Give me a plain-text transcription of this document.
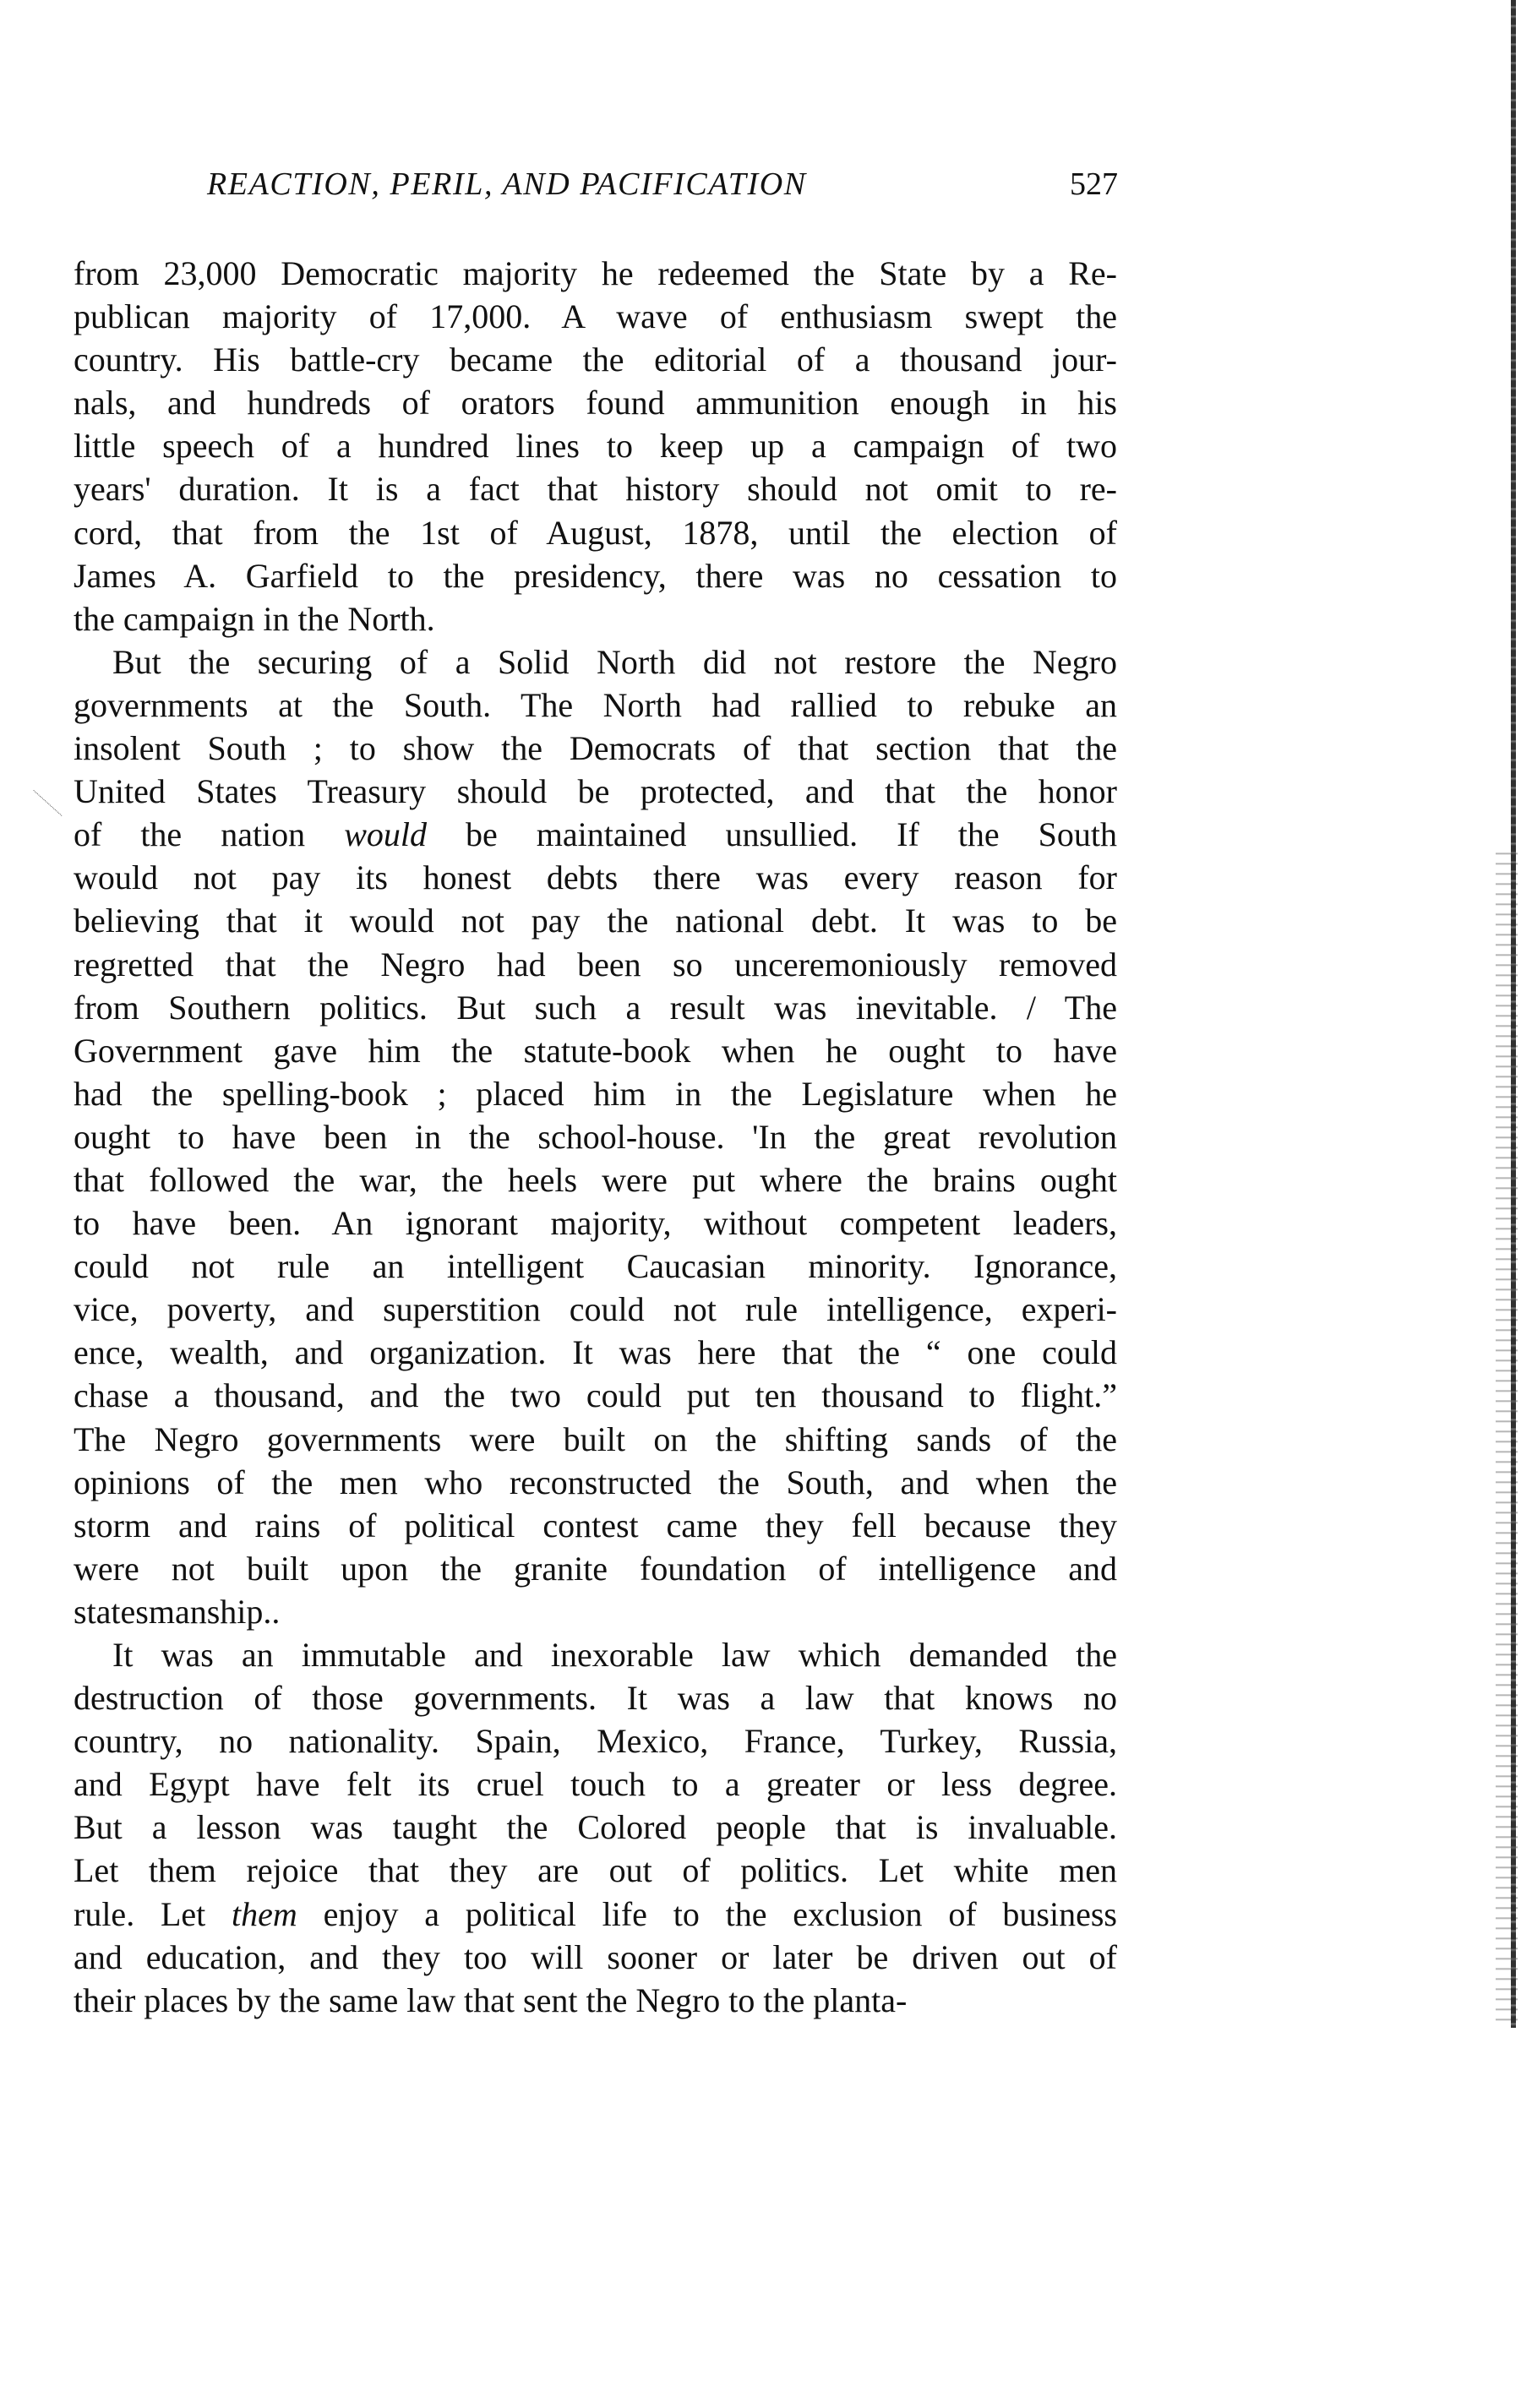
REACTION, PERIL, AND PACIFICATION	527
from 23,000 Democratic majority he redeemed the State by a Re-
publican majority of 17,000. A wave of enthusiasm swept the
country. His battle-cry became the editorial of a thousand jour-
nals, and hundreds of orators found ammunition enough in his
little speech of a hundred lines to keep up a campaign of two
years' duration. It is a fact that history should not omit to re-
cord, that from the 1st of August, 1878, until the election of
James A. Garfield to the presidency, there was no cessation to
the campaign in the North.
But the securing of a Solid North did not restore the Negro
governments at the South. The North had rallied to rebuke an
insolent South ; to show the Democrats of that section that the
United States Treasury should be protected, and that the honor
of the nation would be maintained unsullied. If the South
would not pay its honest debts there was every reason for
believing that it would not pay the national debt. It was to be
regretted that the Negro had been so unceremoniously removed
from Southern politics. But such a result was inevitable. / The
Government gave him the statute-book when he ought to have
had the spelling-book ; placed him in the Legislature when he
ought to have been in the school-house. 'In the great revolution
that followed the war, the heels were put where the brains ought
to have been. An ignorant majority, without competent leaders,
could not rule an intelligent Caucasian minority. Ignorance,
vice, poverty, and superstition could not rule intelligence, experi-
ence, wealth, and organization. It was here that the “ one could
chase a thousand, and the two could put ten thousand to flight.”
The Negro governments were built on the shifting sands of the
opinions of the men who reconstructed the South, and when the
storm and rains of political contest came they fell because they
were not built upon the granite foundation of intelligence and
statesmanship..
It was an immutable and inexorable law which demanded the
destruction of those governments. It was a law that knows no
country, no nationality. Spain, Mexico, France, Turkey, Russia,
and Egypt have felt its cruel touch to a greater or less degree.
But a lesson was taught the Colored people that is invaluable.
Let them rejoice that they are out of politics. Let white men
rule. Let them enjoy a political life to the exclusion of business
and education, and they too will sooner or later be driven out of
their places by the same law that sent the Negro to the planta-
